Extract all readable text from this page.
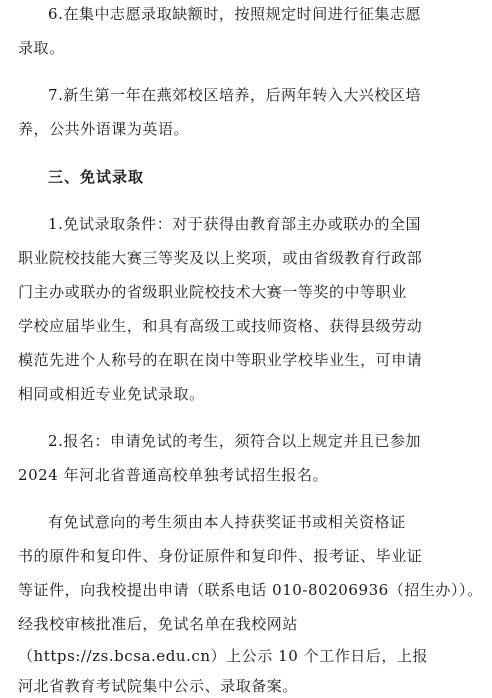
6.在集中志愿录取缺额时，按照规定时间进行征集志愿
录取。
7.新生第一年在燕郊校区培养，后两年转入大兴校区培
养，公共外语课为英语。
三、免试录取
1.免试录取条件：对于获得由教育部主办或联办的全国
职业院校技能大赛三等奖及以上奖项，或由省级教育行政部
门主办或联办的省级职业院校技术大赛一等奖的中等职业
学校应届毕业生，和具有高级工或技师资格、获得县级劳动
模范先进个人称号的在职在岗中等职业学校毕业生，可申请
相同或相近专业免试录取。
2.报名：申请免试的考生，须符合以上规定并且已参加
2024 年河北省普通高校单独考试招生报名。
有免试意向的考生须由本人持获奖证书或相关资格证
书的原件和复印件、身份证原件和复印件、报考证、毕业证
等证件，向我校提出申请（联系电话 010-80206936（招生办））。
经我校审核批准后，免试名单在我校网站
（https://zs.bcsa.edu.cn）上公示 10 个工作日后，上报
河北省教育考试院集中公示、录取备案。
